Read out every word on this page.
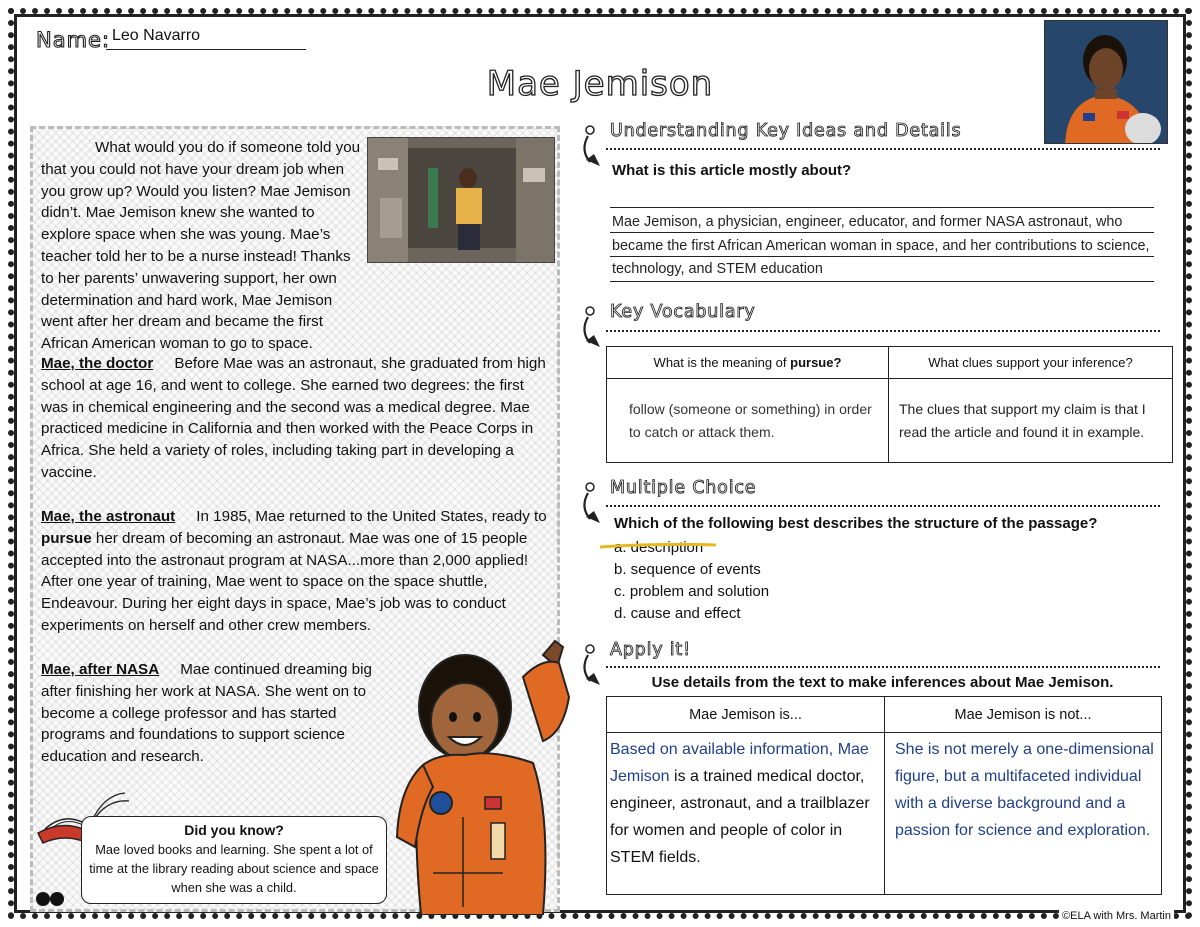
Name: Leo Navarro
Mae Jemison
What would you do if someone told you that you could not have your dream job when you grow up? Would you listen? Mae Jemison didn’t. Mae Jemison knew she wanted to explore space when she was young. Mae’s teacher told her to be a nurse instead! Thanks to her parents’ unwavering support, her own determination and hard work, Mae Jemison went after her dream and became the first African American woman to go to space.
Mae, the doctor Before Mae was an astronaut, she graduated from high school at age 16, and went to college. She earned two degrees: the first was in chemical engineering and the second was a medical degree. Mae practiced medicine in California and then worked with the Peace Corps in Africa. She held a variety of roles, including taking part in developing a vaccine.
Mae, the astronaut In 1985, Mae returned to the United States, ready to pursue her dream of becoming an astronaut. Mae was one of 15 people accepted into the astronaut program at NASA...more than 2,000 applied! After one year of training, Mae went to space on the space shuttle, Endeavour. During her eight days in space, Mae’s job was to conduct experiments on herself and other crew members.
Mae, after NASA Mae continued dreaming big after finishing her work at NASA. She went on to become a college professor and has started programs and foundations to support science education and research.
Did you know?
Mae loved books and learning. She spent a lot of time at the library reading about science and space when she was a child.
Understanding Key Ideas and Details
What is this article mostly about?
Mae Jemison, a physician, engineer, educator, and former NASA astronaut, who became the first African American woman in space, and her contributions to science, technology, and STEM education
Key Vocabulary
What is the meaning of pursue?	What clues support your inference?
follow (someone or something) in order to catch or attack them.	The clues that support my claim is that I read the article and found it in example.
Multiple Choice
Which of the following best describes the structure of the passage?
a. description
b. sequence of events
c. problem and solution
d. cause and effect
Apply it!
Use details from the text to make inferences about Mae Jemison.
Mae Jemison is...	Mae Jemison is not...
Based on available information, Mae Jemison is a trained medical doctor, engineer, astronaut, and a trailblazer for women and people of color in STEM fields.	She is not merely a one-dimensional figure, but a multifaceted individual with a diverse background and a passion for science and exploration.
©ELA with Mrs. Martin
